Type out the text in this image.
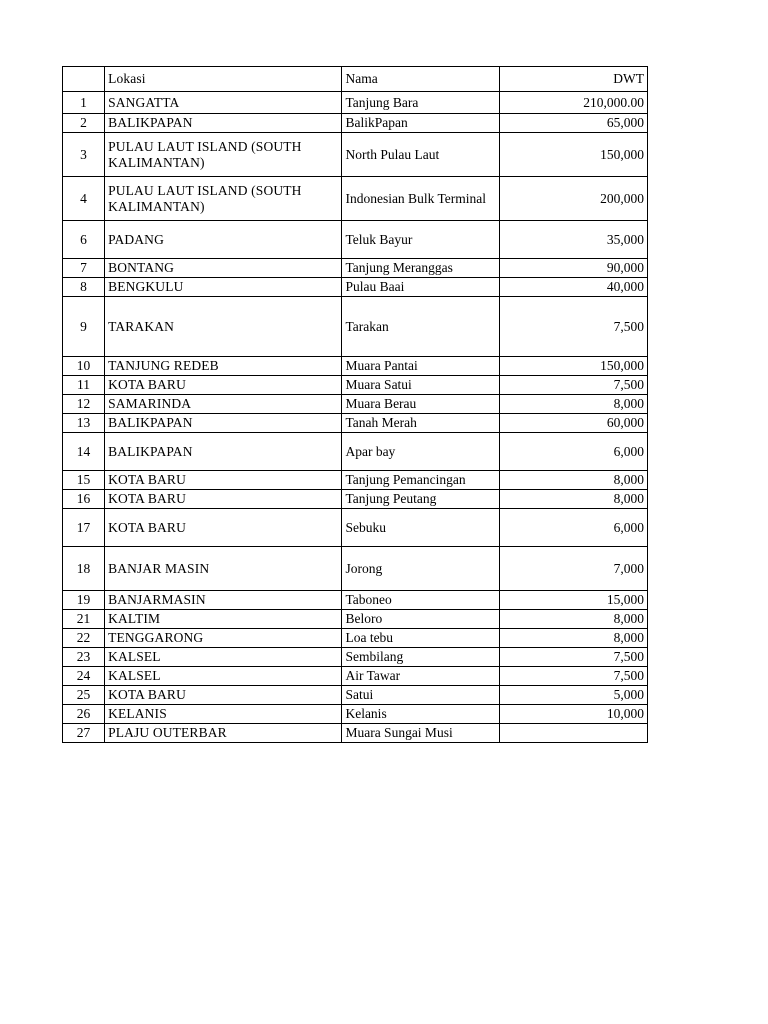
	Lokasi	Nama	DWT
1	SANGATTA	Tanjung Bara	210,000.00
2	BALIKPAPAN	BalikPapan	65,000
3	PULAU LAUT ISLAND (SOUTH KALIMANTAN)	North Pulau Laut	150,000
4	PULAU LAUT ISLAND (SOUTH KALIMANTAN)	Indonesian Bulk Terminal	200,000
6	PADANG	Teluk Bayur	35,000
7	BONTANG	Tanjung Meranggas	90,000
8	BENGKULU	Pulau Baai	40,000
9	TARAKAN	Tarakan	7,500
10	TANJUNG REDEB	Muara Pantai	150,000
11	KOTA BARU	Muara Satui	7,500
12	SAMARINDA	Muara Berau	8,000
13	BALIKPAPAN	Tanah Merah	60,000
14	BALIKPAPAN	Apar bay	6,000
15	KOTA BARU	Tanjung Pemancingan	8,000
16	KOTA BARU	Tanjung Peutang	8,000
17	KOTA BARU	Sebuku	6,000
18	BANJAR MASIN	Jorong	7,000
19	BANJARMASIN	Taboneo	15,000
21	KALTIM	Beloro	8,000
22	TENGGARONG	Loa tebu	8,000
23	KALSEL	Sembilang	7,500
24	KALSEL	Air Tawar	7,500
25	KOTA BARU	Satui	5,000
26	KELANIS	Kelanis	10,000
27	PLAJU OUTERBAR	Muara Sungai Musi	
